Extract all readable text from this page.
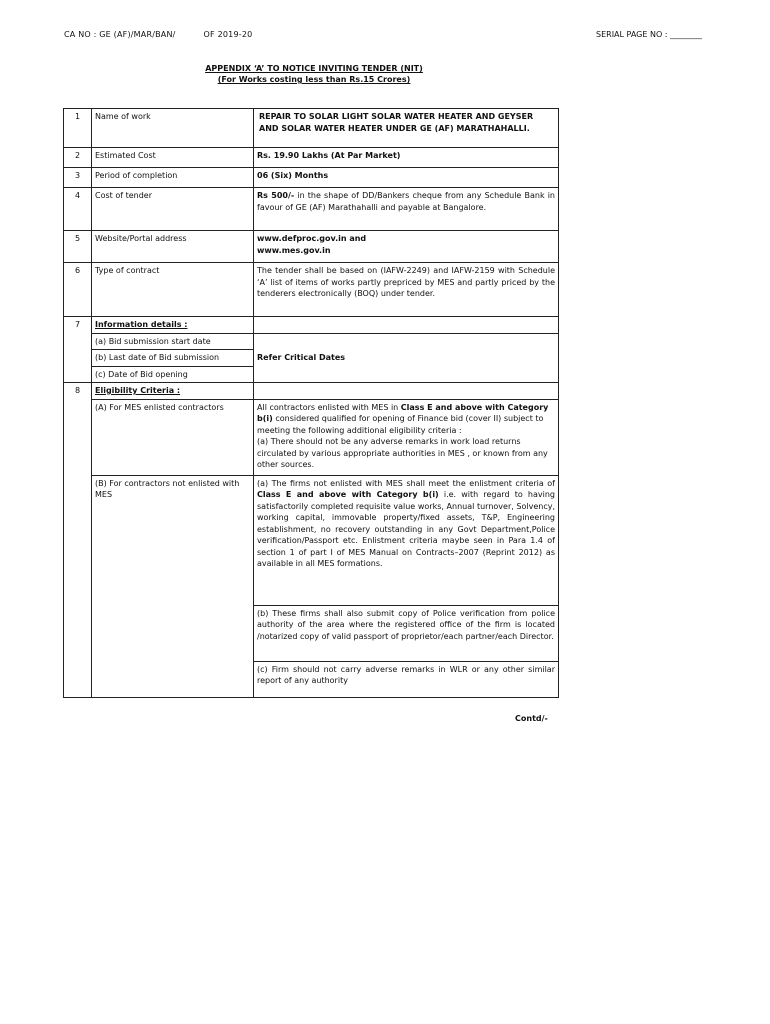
CA NO : GE (AF)/MAR/BAN/	OF 2019-20	SERIAL PAGE NO : ________
APPENDIX ‘A’ TO NOTICE INVITING TENDER (NIT)
(For Works costing less than Rs.15 Crores)
1	Name of work	REPAIR TO SOLAR LIGHT SOLAR WATER HEATER AND GEYSER AND SOLAR WATER HEATER UNDER GE (AF) MARATHAHALLI.
2	Estimated Cost	Rs. 19.90 Lakhs (At Par Market)
3	Period of completion	06 (Six) Months
4	Cost of tender	Rs 500/- in the shape of DD/Bankers cheque from any Schedule Bank in favour of GE (AF) Marathahalli and payable at Bangalore.
5	Website/Portal address	www.defproc.gov.in and
www.mes.gov.in

6	Type of contract	The tender shall be based on (IAFW-2249) and IAFW-2159 with Schedule ‘A’ list of items of works partly prepriced by MES and partly priced by the tenderers electronically (BOQ) under tender.
7	Information details :	
	(a) Bid submission start date	Refer Critical Dates
	(b) Last date of Bid submission	
	(c) Date of Bid opening	
8	Eligibility Criteria :	
	(A) For MES enlisted contractors	All contractors enlisted with MES in Class E and above with Category b(i) considered qualified for opening of Finance bid (cover II) subject to meeting the following additional eligibility criteria :
(a) There should not be any adverse remarks in work load returns circulated by various appropriate authorities in MES , or known from any other sources.

	(B) For contractors not enlisted with MES	(a) The firms not enlisted with MES shall meet the enlistment criteria of Class E and above with Category b(i) i.e. with regard to having satisfactorily completed requisite value works, Annual turnover, Solvency, working capital, immovable property/fixed assets, T&P, Engineering establishment, no recovery outstanding in any Govt Department,Police verification/Passport etc. Enlistment criteria maybe seen in Para 1.4 of section 1 of part I of MES Manual on Contracts–2007 (Reprint 2012) as available in all MES formations.
		(b) These firms shall also submit copy of Police verification from police authority of the area where the registered office of the firm is located /notarized copy of valid passport of proprietor/each partner/each Director.
		(c) Firm should not carry adverse remarks in WLR or any other similar report of any authority
Contd/-
